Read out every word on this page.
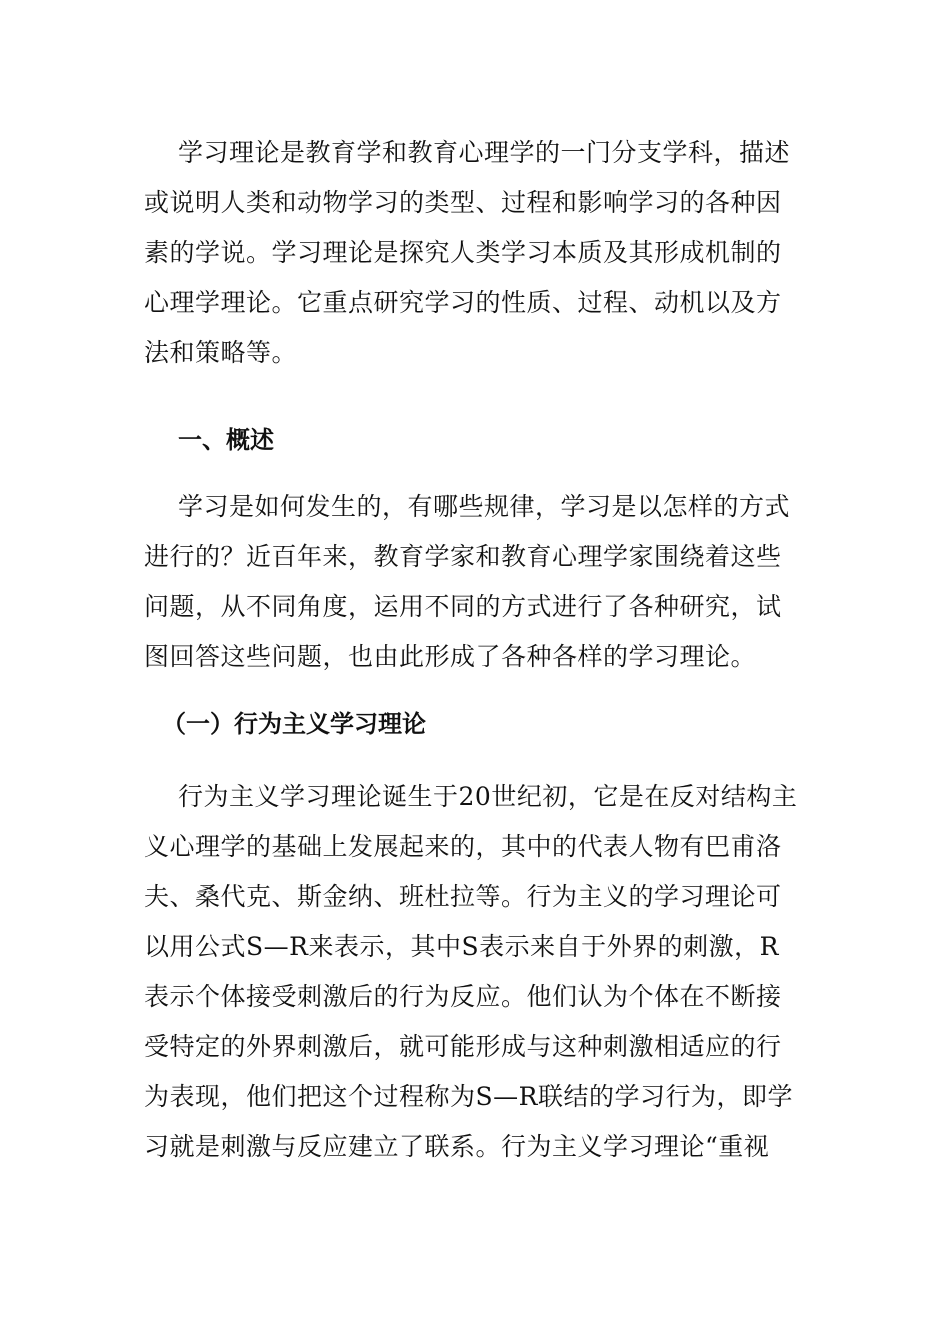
学习理论是教育学和教育心理学的一门分支学科，描述
或说明人类和动物学习的类型、过程和影响学习的各种因
素的学说。学习理论是探究人类学习本质及其形成机制的
心理学理论。它重点研究学习的性质、过程、动机以及方
法和策略等。
一、概述
学习是如何发生的，有哪些规律，学习是以怎样的方式
进行的？近百年来，教育学家和教育心理学家围绕着这些
问题，从不同角度，运用不同的方式进行了各种研究，试
图回答这些问题，也由此形成了各种各样的学习理论。
（一）行为主义学习理论
行为主义学习理论诞生于20世纪初，它是在反对结构主
义心理学的基础上发展起来的，其中的代表人物有巴甫洛
夫、桑代克、斯金纳、班杜拉等。行为主义的学习理论可
以用公式S—R来表示，其中S表示来自于外界的刺激，R
表示个体接受刺激后的行为反应。他们认为个体在不断接
受特定的外界刺激后，就可能形成与这种刺激相适应的行
为表现，他们把这个过程称为S—R联结的学习行为，即学
习就是刺激与反应建立了联系。行为主义学习理论“重视
